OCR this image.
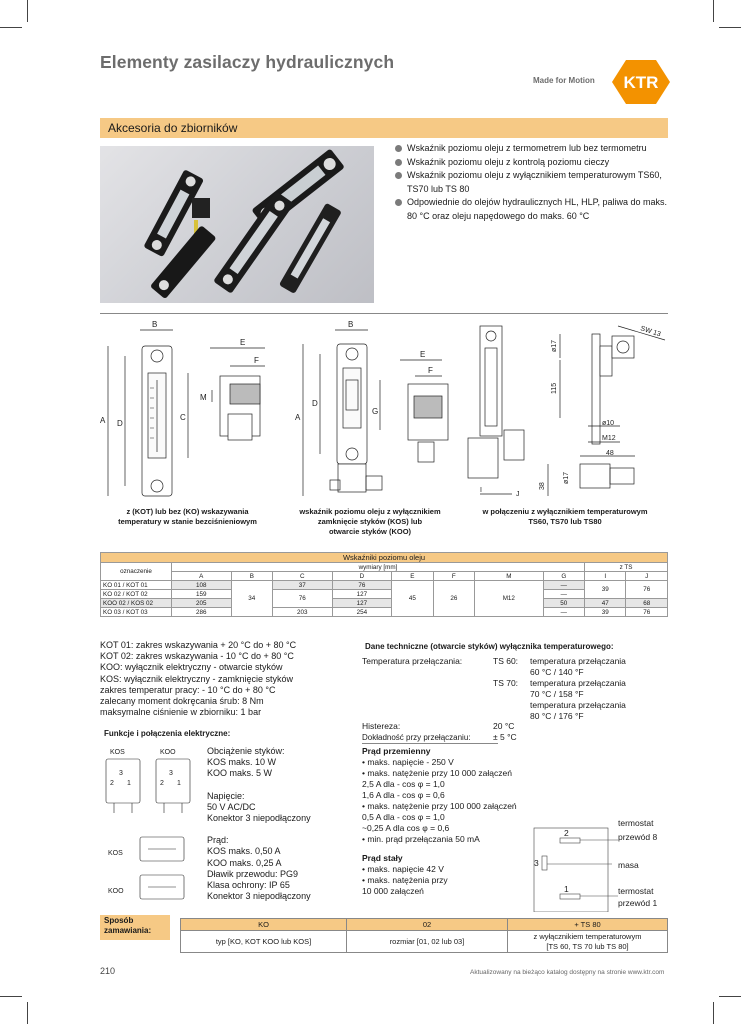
Elementy zasilaczy hydraulicznych
Made for Motion KTR
Akcesoria do zbiorników
Wskaźnik poziomu oleju z termometrem lub bez termometru
Wskaźnik poziomu oleju z kontrolą poziomu cieczy
Wskaźnik poziomu oleju z wyłącznikiem temperaturowym TS60, TS70 lub TS 80
Odpowiednie do olejów hydraulicznych HL, HLP, paliwa do maks. 80 °C oraz oleju napędowego do maks. 60 °C
B
A D
C
E
F
M
B
A
D
G
E
F
I
J
SW 13
ø17
115
ø10
M12
48
38
ø17
z (KOT) lub bez (KO) wskazywania
temperatury w stanie bezciśnieniowym
wskaźnik poziomu oleju z wyłącznikiem
zamknięcie styków (KOS) lub
otwarcie styków (KOO)
w połączeniu z wyłącznikiem temperaturowym
TS60, TS70 lub TS80
Wskaźniki poziomu oleju										
oznaczenie	wymiary [mm]								z TS	
	A	B	C	D	E	F	M	G	I	J
KO 01 / KOT 01	108	34	37	76	45	26	M12	—	39	76
KO 02 / KOT 02	159		76	127				—		
KOO 02 / KOS 02	205			127				50	47	68
KO 03 / KOT 03	286		203	254				—	39	76
KOT 01: zakres wskazywania + 20 °C do + 80 °C
KOT 02: zakres wskazywania - 10 °C do + 80 °C
KOO: wyłącznik elektryczny - otwarcie styków
KOS: wyłącznik elektryczny - zamknięcie styków
zakres temperatur pracy: - 10 °C do + 80 °C
zalecany moment dokręcania śrub: 8 Nm
maksymalne ciśnienie w zbiorniku: 1 bar
Funkcje i połączenia elektryczne:
KOS	KOO
3
2 1
3
2 1
KOS
KOO
Obciążenie styków:
KOS maks. 10 W
KOO maks. 5 W
Napięcie:
50 V AC/DC
Konektor 3 niepodłączony
Prąd:
KOS maks. 0,50 A
KOO maks. 0,25 A
Dławik przewodu: PG9
Klasa ochrony: IP 65
Konektor 3 niepodłączony
Dane techniczne (otwarcie styków) wyłącznika temperaturowego:
Temperatura przełączania:	TS 60: temperatura przełączania
60 °C / 140 °F
TS 70: temperatura przełączania
70 °C / 158 °F
temperatura przełączania
80 °C / 176 °F
Histereza:	20 °C
Dokładność przy przełączaniu:	± 5 °C
Prąd przemienny
• maks. napięcie - 250 V
• maks. natężenie przy 10 000 załączeń
2,5 A dla - cos φ = 1,0
1,6 A dla - cos φ = 0,6
• maks. natężenie przy 100 000 załączeń
0,5 A dla - cos φ = 1,0
~0,25 A dla cos φ = 0,6
• min. prąd przełączania 50 mA
Prąd stały
• maks. napięcie 42 V
• maks. natężenia przy
10 000 załączeń
2
3
1
termostat
przewód 8
masa
termostat
przewód 1
Sposób zamawiania:
KO	02	+ TS 80
typ [KO, KOT KOO lub KOS]	rozmiar [01, 02 lub 03]	z wyłącznikiem temperaturowym
[TS 60, TS 70 lub TS 80]
210	Aktualizowany na bieżąco katalog dostępny na stronie www.ktr.com
